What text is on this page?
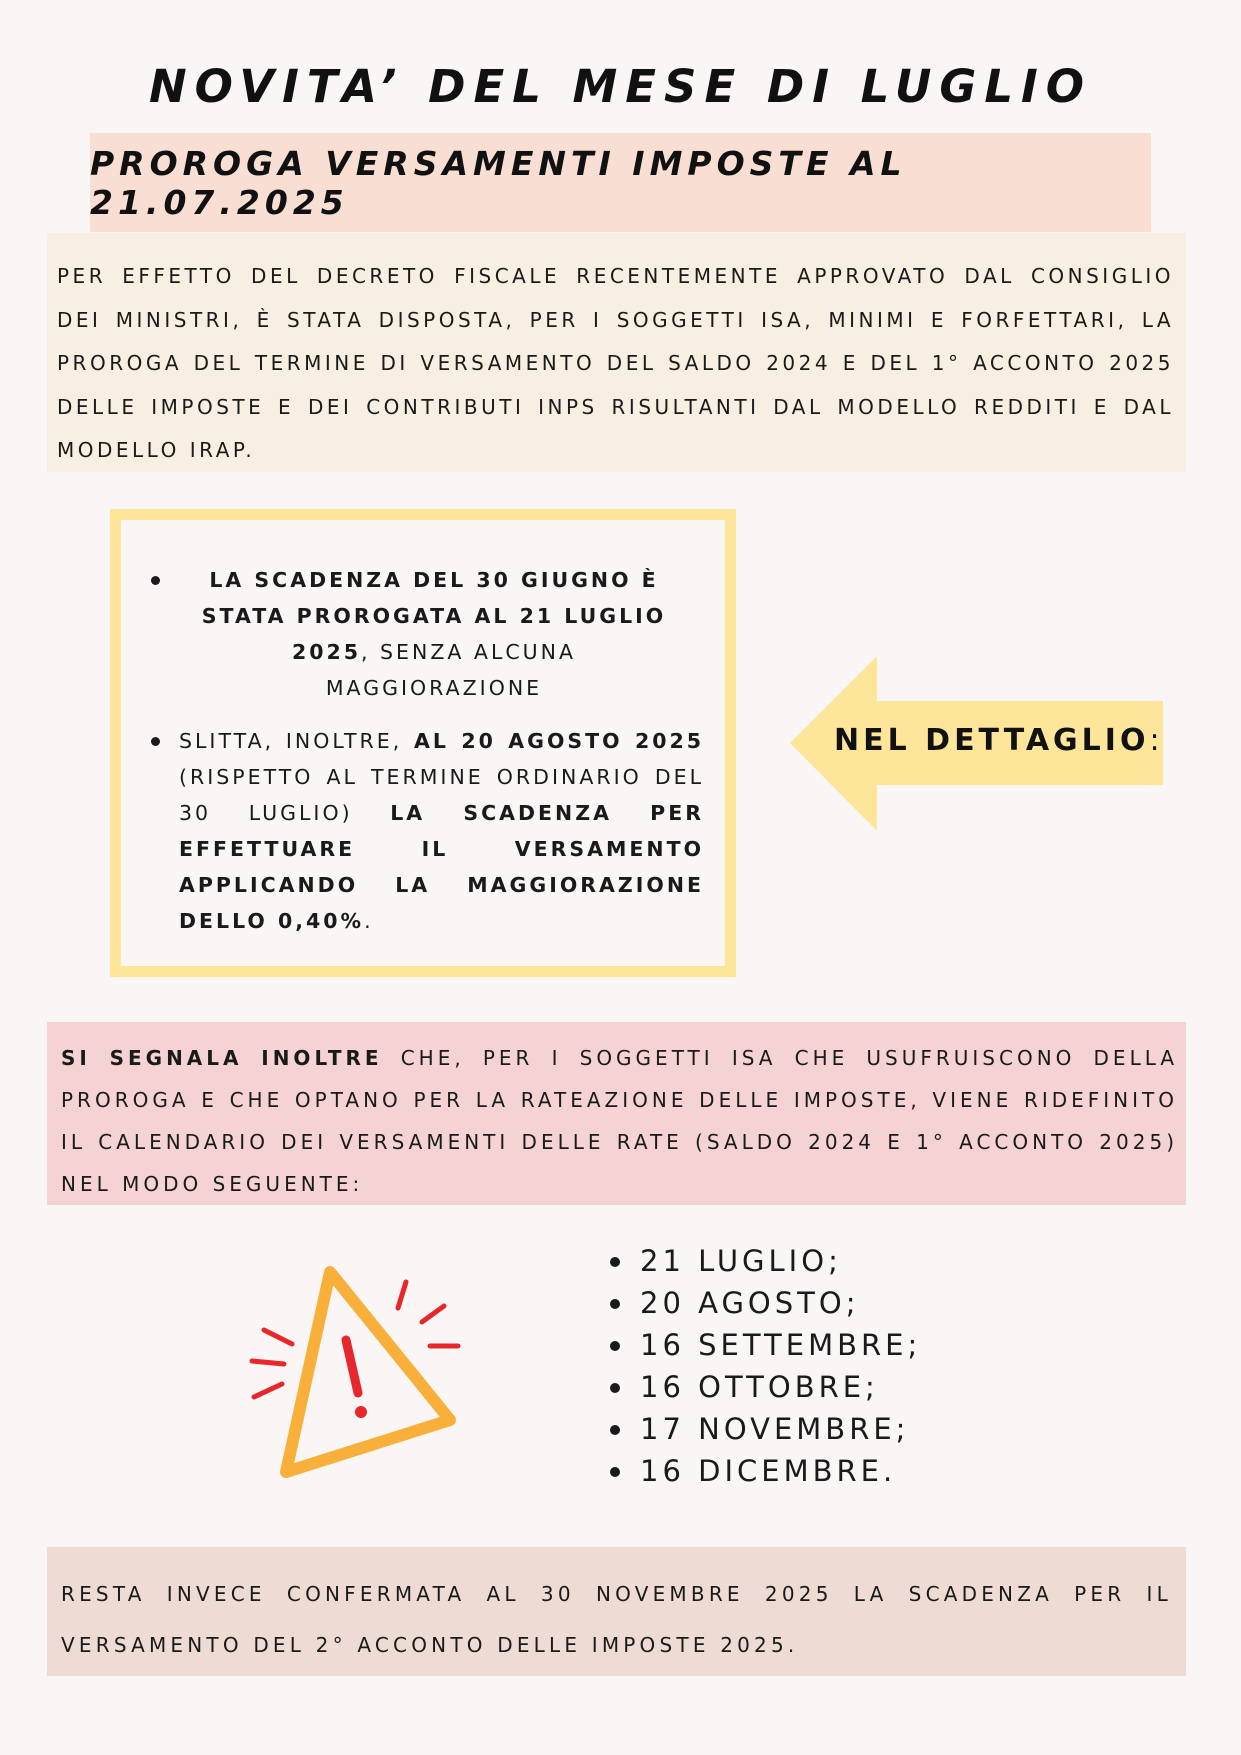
NOVITA’ DEL MESE DI LUGLIO
PROROGA VERSAMENTI IMPOSTE AL 21.07.2025
PER EFFETTO DEL DECRETO FISCALE RECENTEMENTE APPROVATO DAL CONSIGLIO DEI MINISTRI, È STATA DISPOSTA, PER I SOGGETTI ISA, MINIMI E FORFETTARI, LA PROROGA DEL TERMINE DI VERSAMENTO DEL SALDO 2024 E DEL 1° ACCONTO 2025 DELLE IMPOSTE E DEI CONTRIBUTI INPS RISULTANTI DAL MODELLO REDDITI E DAL MODELLO IRAP.
LA SCADENZA DEL 30 GIUGNO È STATA PROROGATA AL 21 LUGLIO 2025, SENZA ALCUNA MAGGIORAZIONE
SLITTA, INOLTRE, AL 20 AGOSTO 2025 (RISPETTO AL TERMINE ORDINARIO DEL 30 LUGLIO) LA SCADENZA PER EFFETTUARE IL VERSAMENTO APPLICANDO LA MAGGIORAZIONE DELLO 0,40%.
NEL DETTAGLIO:
SI SEGNALA INOLTRE CHE, PER I SOGGETTI ISA CHE USUFRUISCONO DELLA PROROGA E CHE OPTANO PER LA RATEAZIONE DELLE IMPOSTE, VIENE RIDEFINITO IL CALENDARIO DEI VERSAMENTI DELLE RATE (SALDO 2024 E 1° ACCONTO 2025) NEL MODO SEGUENTE:
21 LUGLIO;
20 AGOSTO;
16 SETTEMBRE;
16 OTTOBRE;
17 NOVEMBRE;
16 DICEMBRE.
RESTA INVECE CONFERMATA AL 30 NOVEMBRE 2025 LA SCADENZA PER IL VERSAMENTO DEL 2° ACCONTO DELLE IMPOSTE 2025.
